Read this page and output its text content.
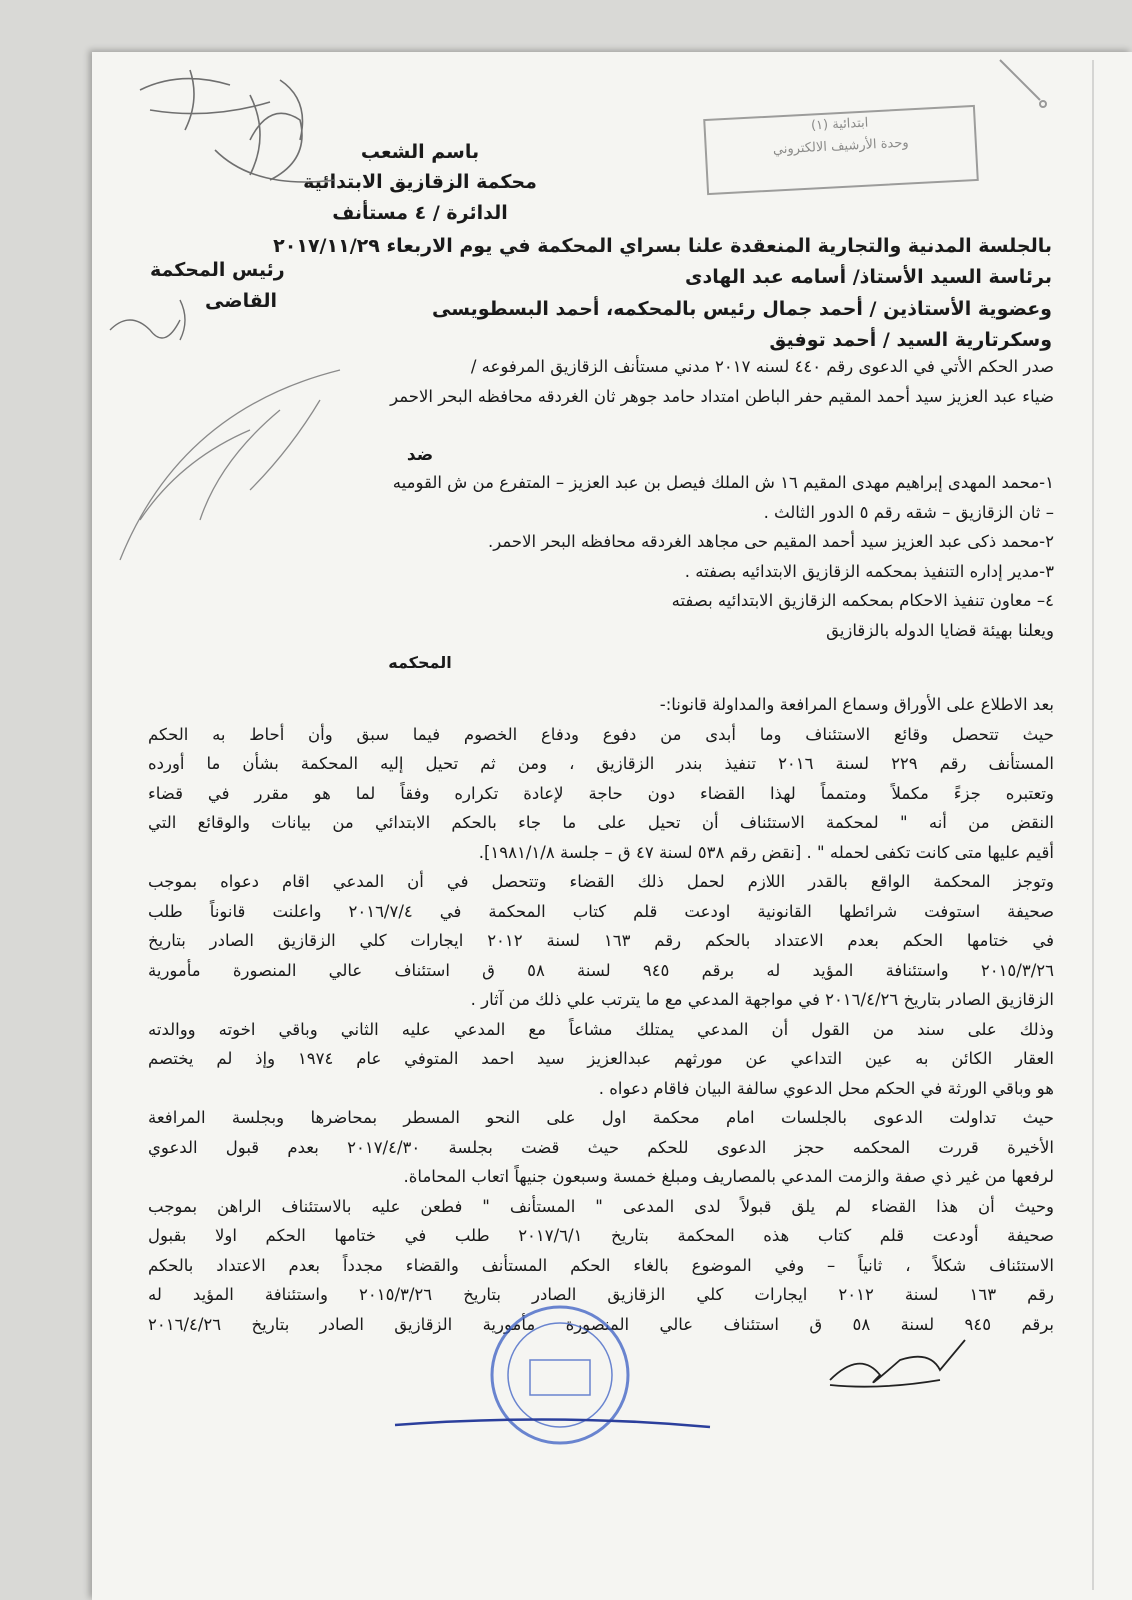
ابتدائية (١)
وحدة الأرشيف الالكتروني
باسم الشعب
محكمة الزقازيق الابتدائية
الدائرة / ٤ مستأنف
بالجلسة المدنية والتجارية المنعقدة علنا بسراي المحكمة في يوم الاربعاء ٢٠١٧/١١/٢٩
برئاسة السيد الأستاذ/ أسامه عبد الهادى
رئيس المحكمة
وعضوية الأستاذين / أحمد جمال رئيس بالمحكمه، أحمد البسطويسى
القاضى
وسكرتارية السيد / أحمد توفيق
صدر الحكم الأتي في الدعوى رقم ٤٤٠ لسنه ٢٠١٧ مدني مستأنف الزقازيق المرفوعه /
ضياء عبد العزيز سيد أحمد المقيم حفر الباطن امتداد حامد جوهر ثان الغردقه محافظه البحر الاحمر
ضد
١-محمد المهدى إبراهيم مهدى المقيم ١٦ ش الملك فيصل بن عبد العزيز – المتفرع من ش القوميه
– ثان الزقازيق – شقه رقم ٥ الدور الثالث .
٢-محمد ذكى عبد العزيز سيد أحمد المقيم حى مجاهد الغردقه محافظه البحر الاحمر.
٣-مدير إداره التنفيذ بمحكمه الزقازيق الابتدائيه بصفته .
٤– معاون تنفيذ الاحكام بمحكمه الزقازيق الابتدائيه بصفته
ويعلنا بهيئة قضايا الدوله بالزقازيق
المحكمه
بعد الاطلاع على الأوراق وسماع المرافعة والمداولة قانونا:-
حيث تتحصل وقائع الاستئناف وما أبدى من دفوع ودفاع الخصوم فيما سبق وأن أحاط به الحكم
المستأنف رقم ٢٢٩ لسنة ٢٠١٦ تنفيذ بندر الزقازيق ، ومن ثم تحيل إليه المحكمة بشأن ما أورده
وتعتبره جزءً مكملاً ومتمماً لهذا القضاء دون حاجة لإعادة تكراره وفقاً لما هو مقرر في قضاء
النقض من أنه " لمحكمة الاستئناف أن تحيل على ما جاء بالحكم الابتدائي من بيانات والوقائع التي
أقيم عليها متى كانت تكفى لحمله " . [نقض رقم ٥٣٨ لسنة ٤٧ ق – جلسة ١٩٨١/١/٨].
وتوجز المحكمة الواقع بالقدر اللازم لحمل ذلك القضاء وتتحصل في أن المدعي اقام دعواه بموجب
صحيفة استوفت شرائطها القانونية اودعت قلم كتاب المحكمة في ٢٠١٦/٧/٤ واعلنت قانوناً طلب
في ختامها الحكم بعدم الاعتداد بالحكم رقم ١٦٣ لسنة ٢٠١٢ ايجارات كلي الزقازيق الصادر بتاريخ
٢٠١٥/٣/٢٦ واستئنافة المؤيد له برقم ٩٤٥ لسنة ٥٨ ق استئناف عالي المنصورة مأمورية
الزقازيق الصادر بتاريخ ٢٠١٦/٤/٢٦ في مواجهة المدعي مع ما يترتب علي ذلك من آثار .
وذلك على سند من القول أن المدعي يمتلك مشاعاً مع المدعي عليه الثاني وباقي اخوته ووالدته
العقار الكائن به عين التداعي عن مورثهم عبدالعزيز سيد احمد المتوفي عام ١٩٧٤ وإذ لم يختصم
هو وباقي الورثة في الحكم محل الدعوي سالفة البيان فاقام دعواه .
حيث تداولت الدعوى بالجلسات امام محكمة اول على النحو المسطر بمحاضرها وبجلسة المرافعة
الأخيرة قررت المحكمه حجز الدعوى للحكم حيث قضت بجلسة ٢٠١٧/٤/٣٠ بعدم قبول الدعوي
لرفعها من غير ذي صفة والزمت المدعي بالمصاريف ومبلغ خمسة وسبعون جنيهاً اتعاب المحاماة.
وحيث أن هذا القضاء لم يلق قبولاً لدى المدعى " المستأنف " فطعن عليه بالاستئناف الراهن بموجب
صحيفة أودعت قلم كتاب هذه المحكمة بتاريخ ٢٠١٧/٦/١ طلب في ختامها الحكم اولا بقبول
الاستئناف شكلاً ، ثانياً – وفي الموضوع بالغاء الحكم المستأنف والقضاء مجدداً بعدم الاعتداد بالحكم
رقم ١٦٣ لسنة ٢٠١٢ ايجارات كلي الزقازيق الصادر بتاريخ ٢٠١٥/٣/٢٦ واستئنافة المؤيد له
برقم ٩٤٥ لسنة ٥٨ ق استئناف عالي المنصورة مأمورية الزقازيق الصادر بتاريخ ٢٠١٦/٤/٢٦
